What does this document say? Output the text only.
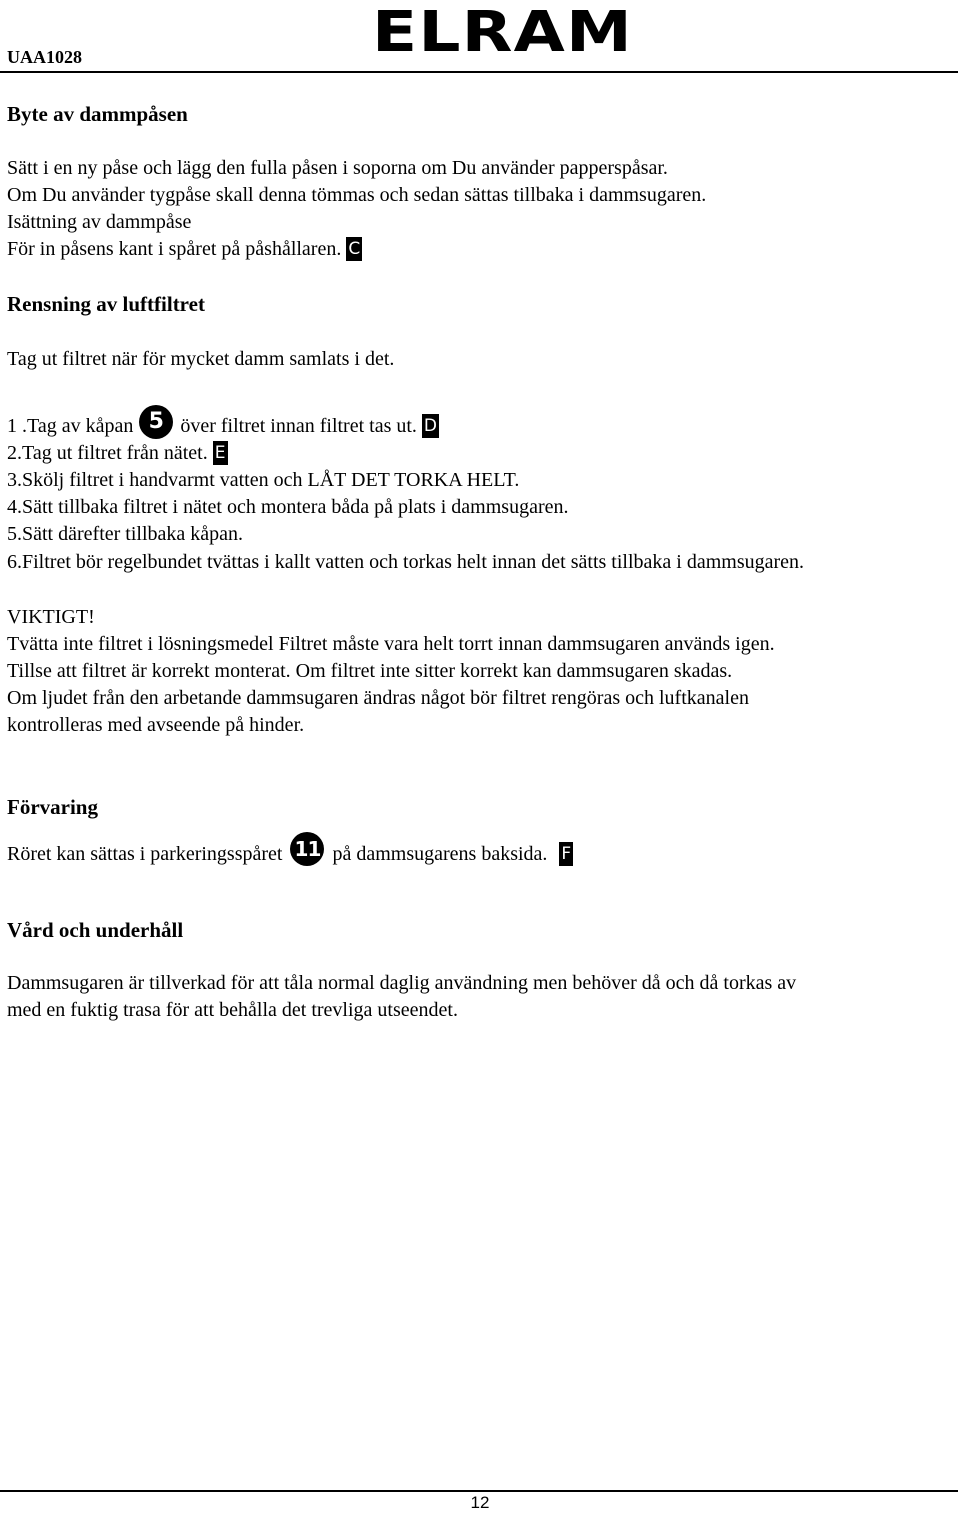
UAA1028	ELRAM
Byte av dammpåsen
Sätt i en ny påse och lägg den fulla påsen i soporna om Du använder papperspåsar.
Om Du använder tygpåse skall denna tömmas och sedan sättas tillbaka i dammsugaren.
Isättning av dammpåse
För in påsens kant i spåret på påshållaren. C
Rensning av luftfiltret
Tag ut filtret när för mycket damm samlats i det.
1 .Tag av kåpan 5 över filtret innan filtret tas ut. D
2.Tag ut filtret från nätet. E
3.Skölj filtret i handvarmt vatten och LÅT DET TORKA HELT.
4.Sätt tillbaka filtret i nätet och montera båda på plats i dammsugaren.
5.Sätt därefter tillbaka kåpan.
6.Filtret bör regelbundet tvättas i kallt vatten och torkas helt innan det sätts tillbaka i dammsugaren.
VIKTIGT!
Tvätta inte filtret i lösningsmedel Filtret måste vara helt torrt innan dammsugaren används igen.
Tillse att filtret är korrekt monterat. Om filtret inte sitter korrekt kan dammsugaren skadas.
Om ljudet från den arbetande dammsugaren ändras något bör filtret rengöras och luftkanalen
kontrolleras med avseende på hinder.
Förvaring
Röret kan sättas i parkeringsspåret 11 på dammsugarens baksida. F
Vård och underhåll
Dammsugaren är tillverkad för att tåla normal daglig användning men behöver då och då torkas av
med en fuktig trasa för att behålla det trevliga utseendet.
12
